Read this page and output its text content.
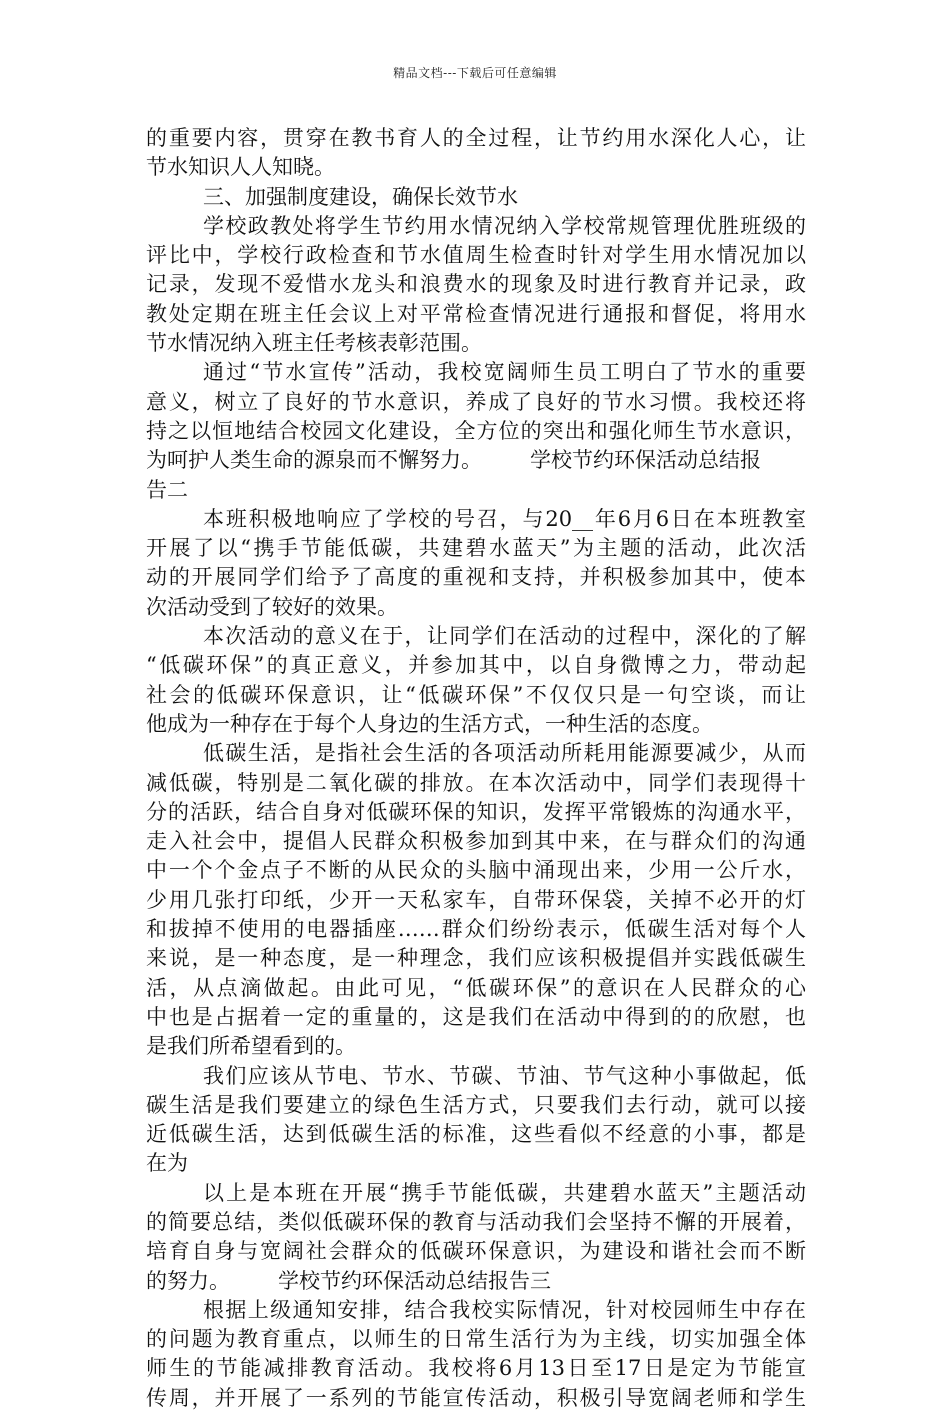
精品文档---下载后可任意编辑
的重要内容，贯穿在教书育人的全过程，让节约用水深化人心，让
节水知识人人知晓。
三、加强制度建设，确保长效节水
学校政教处将学生节约用水情况纳入学校常规管理优胜班级的
评比中，学校行政检查和节水值周生检查时针对学生用水情况加以
记录，发现不爱惜水龙头和浪费水的现象及时进行教育并记录，政
教处定期在班主任会议上对平常检查情况进行通报和督促，将用水
节水情况纳入班主任考核表彰范围。
通过“节水宣传”活动，我校宽阔师生员工明白了节水的重要
意义，树立了良好的节水意识，养成了良好的节水习惯。我校还将
持之以恒地结合校园文化建设，全方位的突出和强化师生节水意识，
为呵护人类生命的源泉而不懈努力。 学校节约环保活动总结报
告二
本班积极地响应了学校的号召，与20__年6月6日在本班教室
开展了以“携手节能低碳，共建碧水蓝天”为主题的活动，此次活
动的开展同学们给予了高度的重视和支持，并积极参加其中，使本
次活动受到了较好的效果。
本次活动的意义在于，让同学们在活动的过程中，深化的了解
“低碳环保”的真正意义，并参加其中，以自身微博之力，带动起
社会的低碳环保意识，让“低碳环保”不仅仅只是一句空谈，而让
他成为一种存在于每个人身边的生活方式，一种生活的态度。
低碳生活，是指社会生活的各项活动所耗用能源要减少，从而
减低碳，特别是二氧化碳的排放。在本次活动中，同学们表现得十
分的活跃，结合自身对低碳环保的知识，发挥平常锻炼的沟通水平，
走入社会中，提倡人民群众积极参加到其中来，在与群众们的沟通
中一个个金点子不断的从民众的头脑中涌现出来，少用一公斤水，
少用几张打印纸，少开一天私家车，自带环保袋，关掉不必开的灯
和拔掉不使用的电器插座……群众们纷纷表示，低碳生活对每个人
来说，是一种态度，是一种理念，我们应该积极提倡并实践低碳生
活，从点滴做起。由此可见，“低碳环保”的意识在人民群众的心
中也是占据着一定的重量的，这是我们在活动中得到的的欣慰，也
是我们所希望看到的。
我们应该从节电、节水、节碳、节油、节气这种小事做起，低
碳生活是我们要建立的绿色生活方式，只要我们去行动，就可以接
近低碳生活，达到低碳生活的标准，这些看似不经意的小事，都是
在为
以上是本班在开展“携手节能低碳，共建碧水蓝天”主题活动
的简要总结，类似低碳环保的教育与活动我们会坚持不懈的开展着，
培育自身与宽阔社会群众的低碳环保意识，为建设和谐社会而不断
的努力。 学校节约环保活动总结报告三
根据上级通知安排，结合我校实际情况，针对校园师生中存在
的问题为教育重点，以师生的日常生活行为为主线，切实加强全体
师生的节能减排教育活动。我校将6月13日至17日是定为节能宣
传周，并开展了一系列的节能宣传活动，积极引导宽阔老师和学生
